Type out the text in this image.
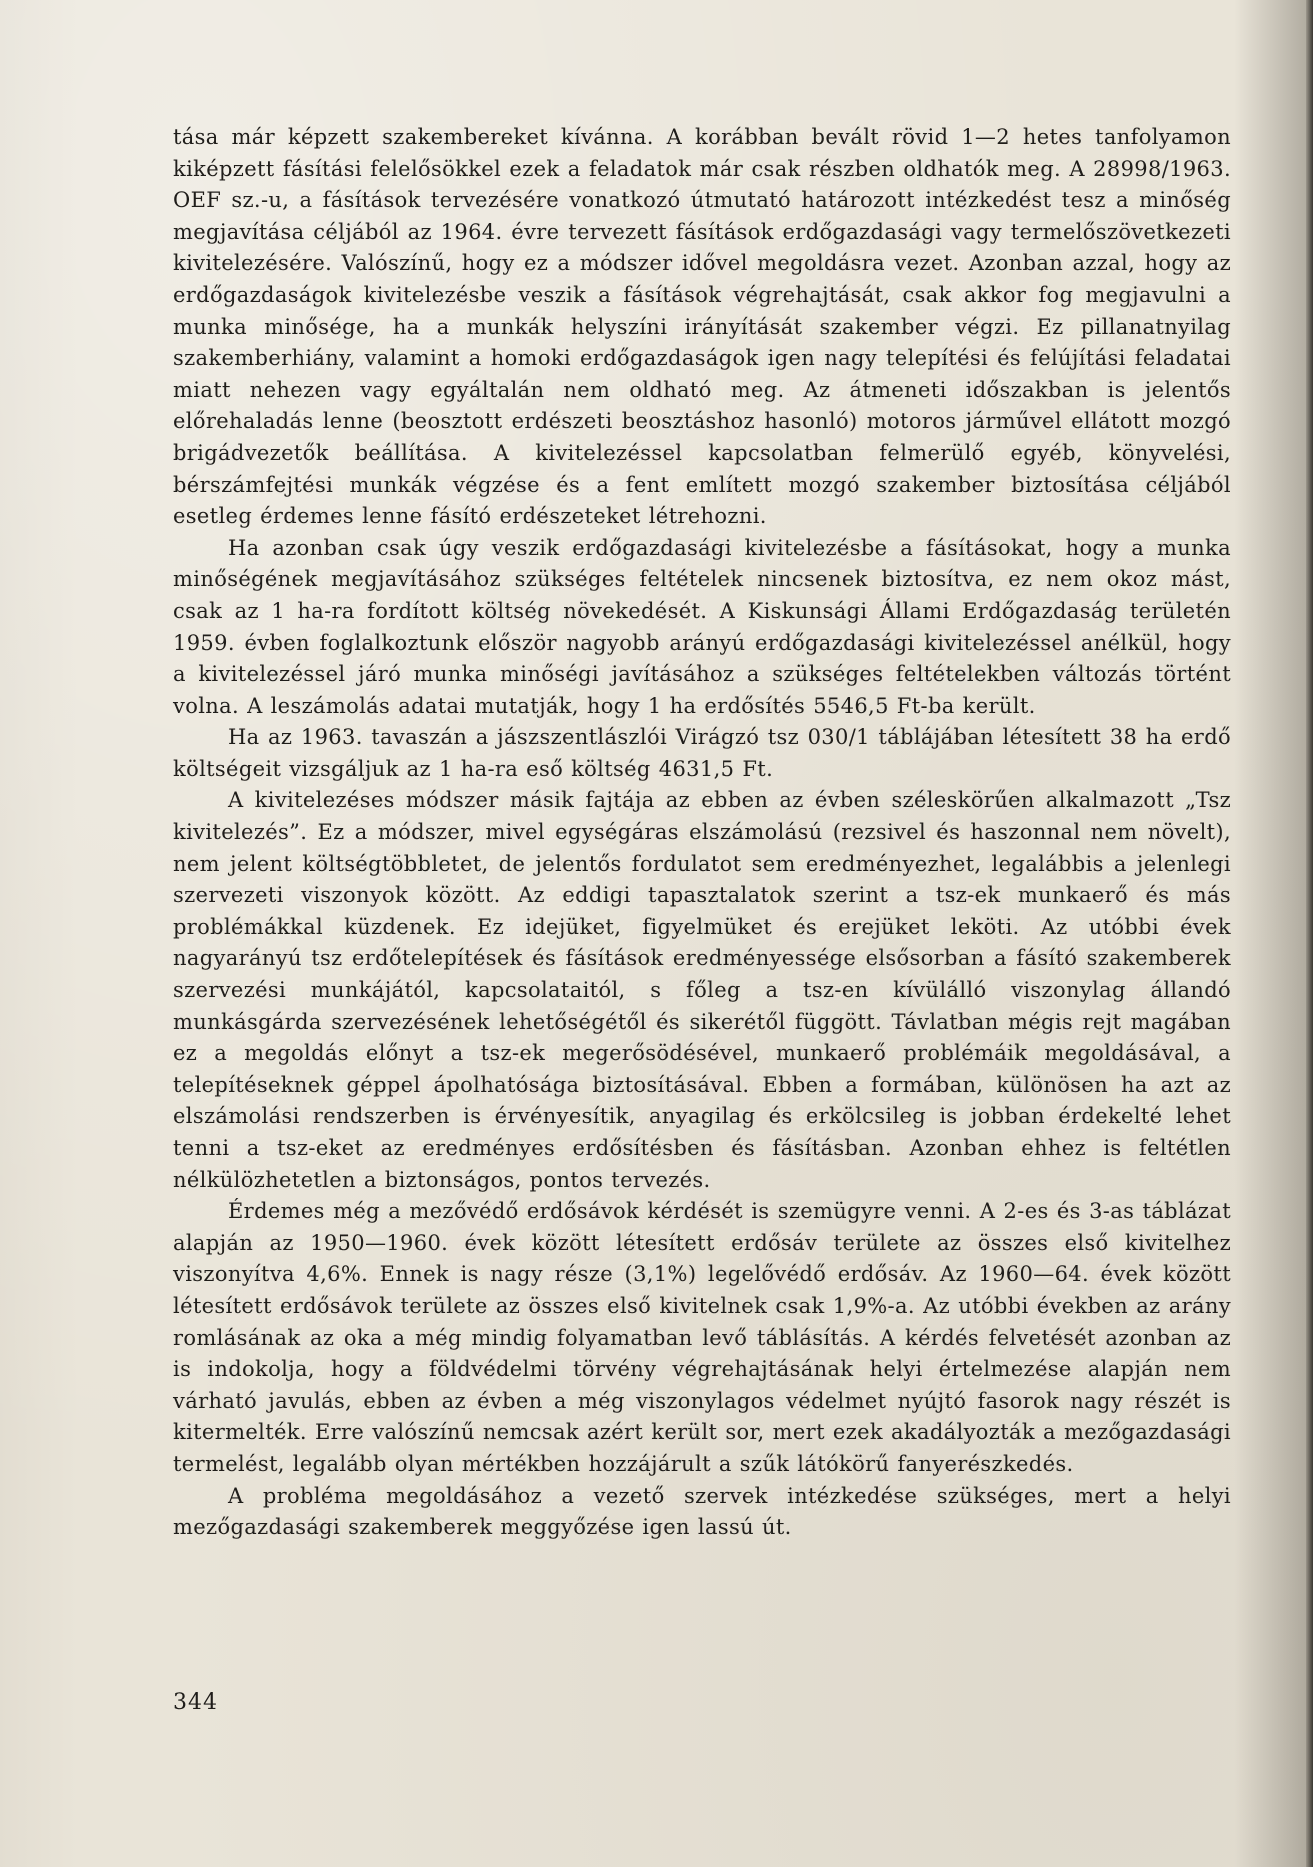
tása már képzett szakembereket kívánna. A korábban bevált rövid 1—2 hetes tanfolyamon kiképzett fásítási felelősökkel ezek a feladatok már csak részben oldhatók meg. A 28998/1963. OEF sz.-u, a fásítások tervezésére vonatkozó útmutató határozott intézkedést tesz a minőség megjavítása céljából az 1964. évre tervezett fásítások erdőgazdasági vagy termelőszövetkezeti kivitelezésére. Valószínű, hogy ez a módszer idővel megoldásra vezet. Azonban azzal, hogy az erdőgazdaságok kivitelezésbe veszik a fásítások végrehajtását, csak akkor fog megjavulni a munka minősége, ha a munkák helyszíni irányítását szakember végzi. Ez pillanatnyilag szakemberhiány, valamint a homoki erdőgazdaságok igen nagy telepítési és felújítási feladatai miatt nehezen vagy egyáltalán nem oldható meg. Az átmeneti időszakban is jelentős előrehaladás lenne (beosztott erdészeti beosztáshoz hasonló) motoros járművel ellátott mozgó brigádvezetők beállítása. A kivitelezéssel kapcsolatban felmerülő egyéb, könyvelési, bérszámfejtési munkák végzése és a fent említett mozgó szakember biztosítása céljából esetleg érdemes lenne fásító erdészeteket létrehozni.

Ha azonban csak úgy veszik erdőgazdasági kivitelezésbe a fásításokat, hogy a munka minőségének megjavításához szükséges feltételek nincsenek biztosítva, ez nem okoz mást, csak az 1 ha-ra fordított költség növekedését. A Kiskunsági Állami Erdőgazdaság területén 1959. évben foglalkoztunk először nagyobb arányú erdőgazdasági kivitelezéssel anélkül, hogy a kivitelezéssel járó munka minőségi javításához a szükséges feltételekben változás történt volna. A leszámolás adatai mutatják, hogy 1 ha erdősítés 5546,5 Ft-ba került.

Ha az 1963. tavaszán a jászszentlászlói Virágzó tsz 030/1 táblájában létesített 38 ha erdő költségeit vizsgáljuk az 1 ha-ra eső költség 4631,5 Ft.

A kivitelezéses módszer másik fajtája az ebben az évben széleskörűen alkalmazott „Tsz kivitelezés”. Ez a módszer, mivel egységáras elszámolású (rezsivel és haszonnal nem növelt), nem jelent költségtöbbletet, de jelentős fordulatot sem eredményezhet, legalábbis a jelenlegi szervezeti viszonyok között. Az eddigi tapasztalatok szerint a tsz-ek munkaerő és más problémákkal küzdenek. Ez idejüket, figyelmüket és erejüket leköti. Az utóbbi évek nagyarányú tsz erdőtelepítések és fásítások eredményessége elsősorban a fásító szakemberek szervezési munkájától, kapcsolataitól, s főleg a tsz-en kívülálló viszonylag állandó munkásgárda szervezésének lehetőségétől és sikerétől függött. Távlatban mégis rejt magában ez a megoldás előnyt a tsz-ek megerősödésével, munkaerő problémáik megoldásával, a telepítéseknek géppel ápolhatósága biztosításával. Ebben a formában, különösen ha azt az elszámolási rendszerben is érvényesítik, anyagilag és erkölcsileg is jobban érdekelté lehet tenni a tsz-eket az eredményes erdősítésben és fásításban. Azonban ehhez is feltétlen nélkülözhetetlen a biztonságos, pontos tervezés.

Érdemes még a mezővédő erdősávok kérdését is szemügyre venni. A 2-es és 3-as táblázat alapján az 1950—1960. évek között létesített erdősáv területe az összes első kivitelhez viszonyítva 4,6%. Ennek is nagy része (3,1%) legelővédő erdősáv. Az 1960—64. évek között létesített erdősávok területe az összes első kivitelnek csak 1,9%-a. Az utóbbi években az arány romlásának az oka a még mindig folyamatban levő táblásítás. A kérdés felvetését azonban az is indokolja, hogy a földvédelmi törvény végrehajtásának helyi értelmezése alapján nem várható javulás, ebben az évben a még viszonylagos védelmet nyújtó fasorok nagy részét is kitermelték. Erre valószínű nemcsak azért került sor, mert ezek akadályozták a mezőgazdasági termelést, legalább olyan mértékben hozzájárult a szűk látókörű fanyerészkedés.

A probléma megoldásához a vezető szervek intézkedése szükséges, mert a helyi mezőgazdasági szakemberek meggyőzése igen lassú út.

344
